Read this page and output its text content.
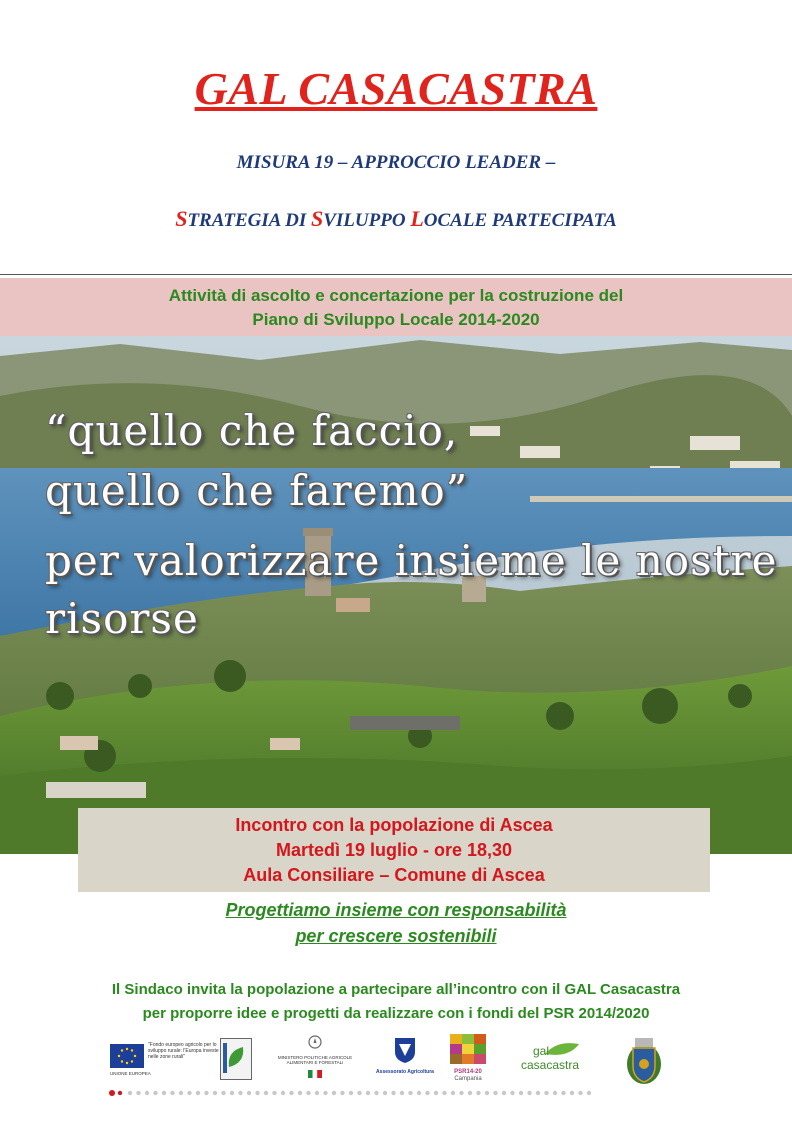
GAL CASACASTRA
MISURA 19 – APPROCCIO LEADER –
STRATEGIA DI SVILUPPO LOCALE PARTECIPATA
Attività di ascolto e concertazione per la costruzione del
Piano di Sviluppo Locale 2014-2020
“quello che faccio,
quello che faremo”
per valorizzare insieme le nostre
risorse
Incontro con la popolazione di Ascea
Martedì 19 luglio - ore 18,30
Aula Consiliare – Comune di Ascea
Progettiamo insieme con responsabilità
per crescere sostenibili
Il Sindaco invita la popolazione a partecipare all’incontro con il GAL Casacastra
per proporre idee e progetti da realizzare con i fondi del PSR 2014/2020
"Fondo europeo agricolo per lo sviluppo rurale: l'Europa investe nelle zone rurali"
UNIONE EUROPEA
MINISTERO POLITICHE AGRICOLE ALIMENTARI E FORESTALI
Assessorato Agricoltura	PSR14-20
Campania
gal
casacastra
